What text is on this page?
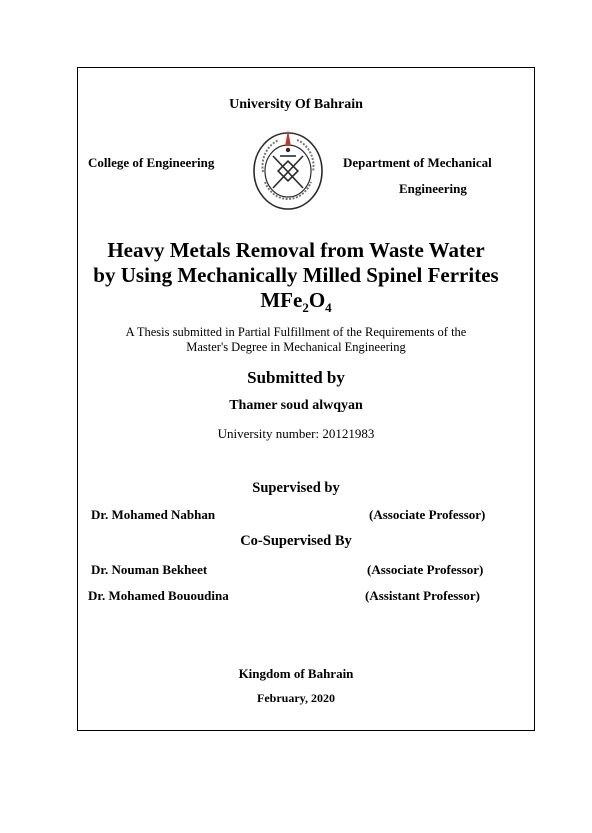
University Of Bahrain
College of Engineering	Department of Mechanical
Engineering
Heavy Metals Removal from Waste Water
by Using Mechanically Milled Spinel Ferrites
$MFe_2O_4$
A Thesis submitted in Partial Fulfillment of the Requirements of the
Master's Degree in Mechanical Engineering
Submitted by
Thamer soud alwqyan
University number: 20121983
Supervised by
Dr. Mohamed Nabhan	(Associate Professor)
Co-Supervised By
Dr. Nouman Bekheet	(Associate Professor)
Dr. Mohamed Bououdina	(Assistant Professor)
Kingdom of Bahrain
February, 2020
